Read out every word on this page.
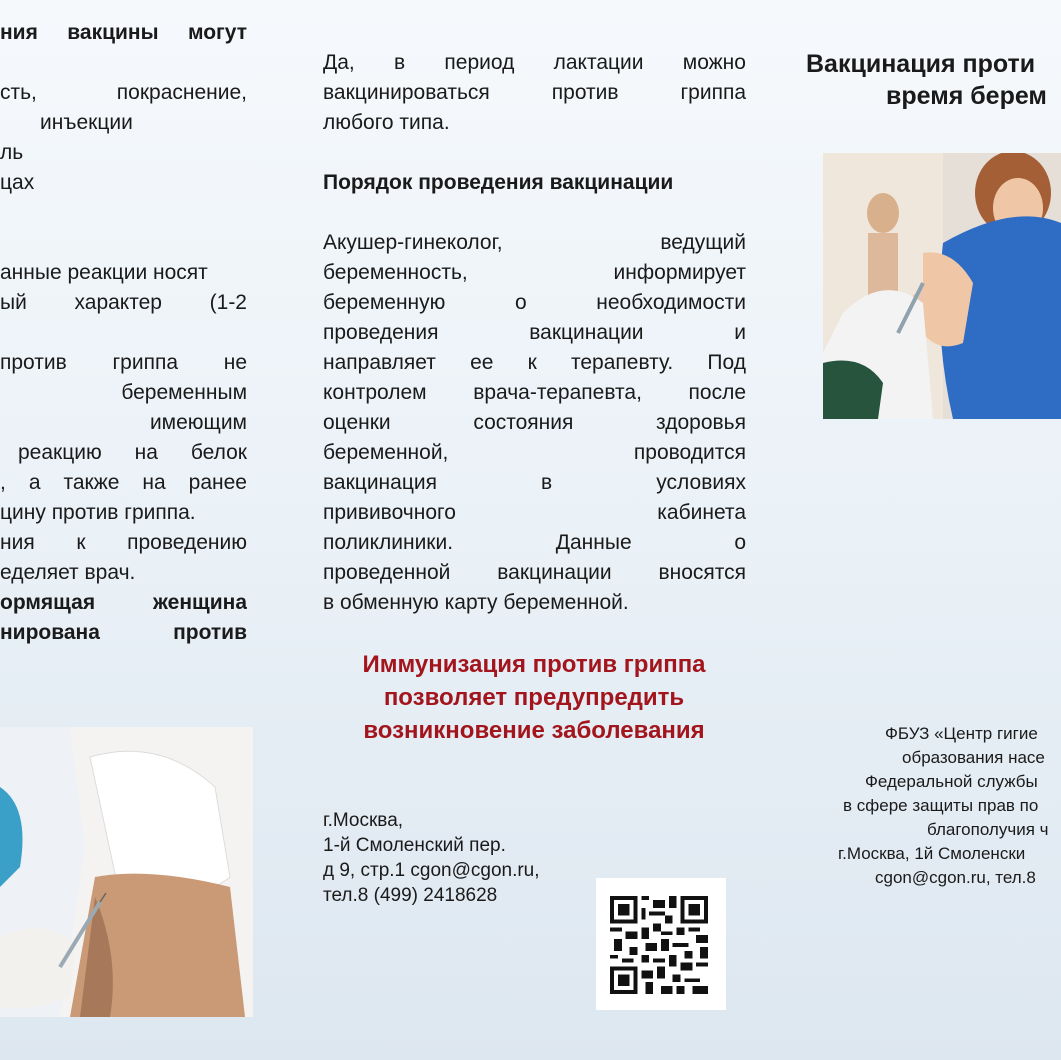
ния вакцины могут
сть,	покраснение,
инъекции
ль
цах
анные реакции носят
ый характер (1-2
против гриппа не
беременным
имеющим
реакцию на белок
, а также на ранее
цину против гриппа.
ния к проведению
еделяет врач.
ормящая	женщина
нирована	против
Да, в период лактации можно
вакцинироваться	против	гриппа
любого типа.
Порядок проведения вакцинации
Акушер-гинеколог,	ведущий
беременность,	информирует
беременную	о	необходимости
проведения	вакцинации	и
направляет ее к терапевту. Под
контролем врача-терапевта, после
оценки	состояния	здоровья
беременной,	проводится
вакцинация	в	условиях
прививочного	кабинета
поликлиники.	Данные	о
проведенной вакцинации вносятся
в обменную карту беременной.
Иммунизация против гриппа
позволяет предупредить
возникновение заболевания
г.Москва,
1-й Смоленский пер.
д 9, стр.1 cgon@cgon.ru,
тел.8 (499) 2418628
Вакцинация проти
время берем
ФБУЗ «Центр гигие
образования насе
Федеральной службы
в сфере защиты прав по
благополучия ч
г.Москва, 1й Смоленски
cgon@cgon.ru, тел.8
